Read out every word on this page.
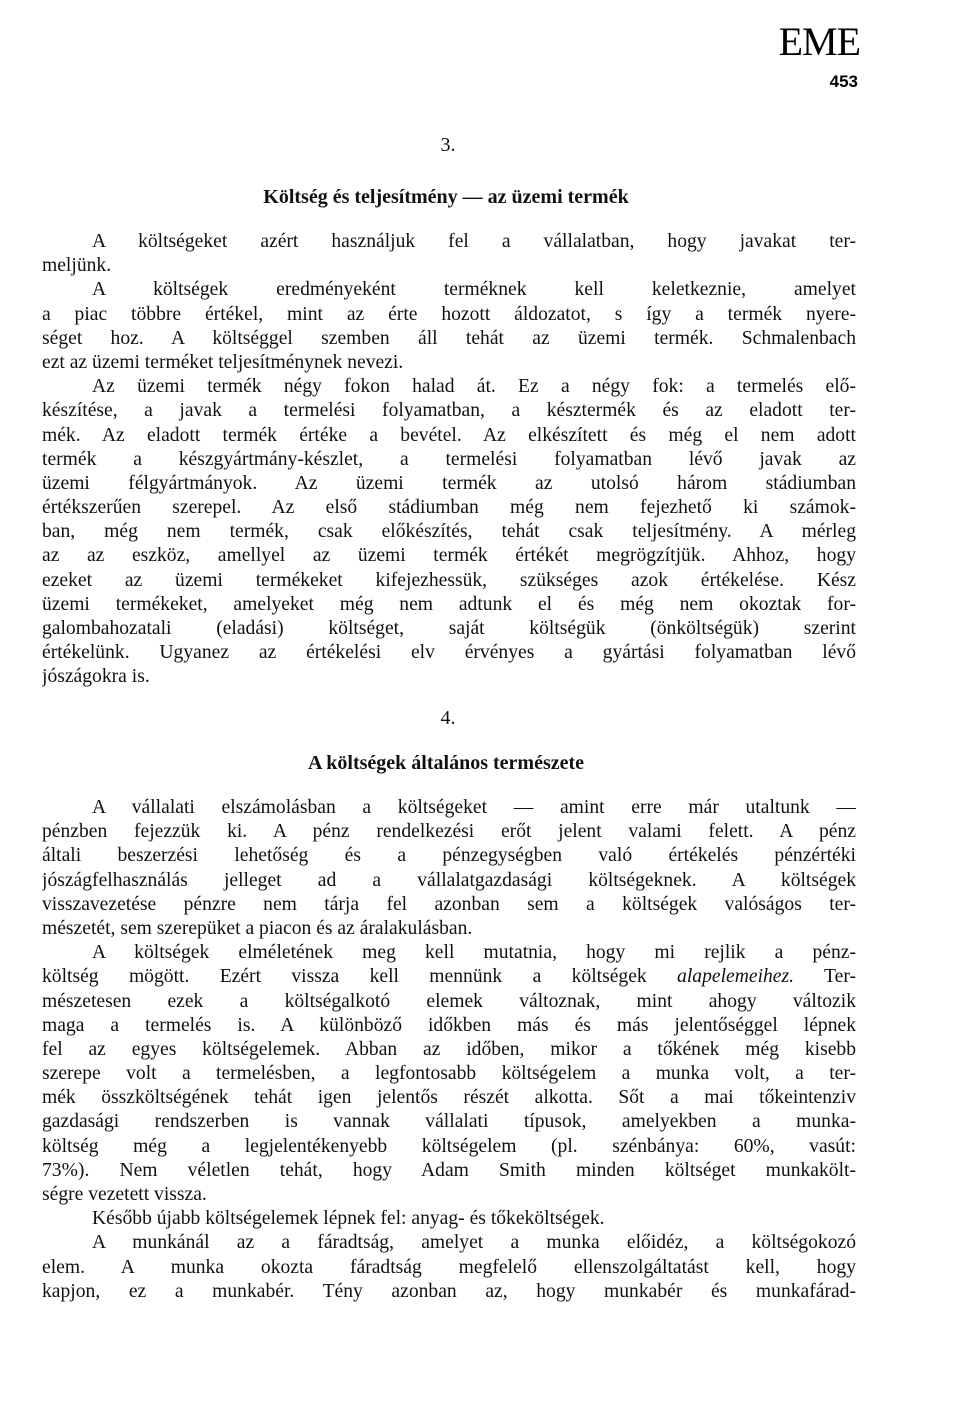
EME
453
3.
Költség és teljesítmény — az üzemi termék
A költségeket azért használjuk fel a vállalatban, hogy javakat ter-
meljünk.
A költségek eredményeként terméknek kell keletkeznie, amelyet
a piac többre értékel, mint az érte hozott áldozatot, s így a termék nyere-
séget hoz. A költséggel szemben áll tehát az üzemi termék. Schmalenbach
ezt az üzemi terméket teljesítménynek nevezi.
Az üzemi termék négy fokon halad át. Ez a négy fok: a termelés elő-
készítése, a javak a termelési folyamatban, a késztermék és az eladott ter-
mék. Az eladott termék értéke a bevétel. Az elkészített és még el nem adott
termék a készgyártmány-készlet, a termelési folyamatban lévő javak az
üzemi félgyártmányok. Az üzemi termék az utolsó három stádiumban
értékszerűen szerepel. Az első stádiumban még nem fejezhető ki számok-
ban, még nem termék, csak előkészítés, tehát csak teljesítmény. A mérleg
az az eszköz, amellyel az üzemi termék értékét megrögzítjük. Ahhoz, hogy
ezeket az üzemi termékeket kifejezhessük, szükséges azok értékelése. Kész
üzemi termékeket, amelyeket még nem adtunk el és még nem okoztak for-
galombahozatali (eladási) költséget, saját költségük (önköltségük) szerint
értékelünk. Ugyanez az értékelési elv érvényes a gyártási folyamatban lévő
jószágokra is.
4.
A költségek általános természete
A vállalati elszámolásban a költségeket — amint erre már utaltunk —
pénzben fejezzük ki. A pénz rendelkezési erőt jelent valami felett. A pénz
általi beszerzési lehetőség és a pénzegységben való értékelés pénzértéki
jószágfelhasználás jelleget ad a vállalatgazdasági költségeknek. A költségek
visszavezetése pénzre nem tárja fel azonban sem a költségek valóságos ter-
mészetét, sem szerepüket a piacon és az áralakulásban.
A költségek elméletének meg kell mutatnia, hogy mi rejlik a pénz-
költség mögött. Ezért vissza kell mennünk a költségek alapelemeihez. Ter-
mészetesen ezek a költségalkotó elemek változnak, mint ahogy változik
maga a termelés is. A különböző időkben más és más jelentőséggel lépnek
fel az egyes költségelemek. Abban az időben, mikor a tőkének még kisebb
szerepe volt a termelésben, a legfontosabb költségelem a munka volt, a ter-
mék összköltségének tehát igen jelentős részét alkotta. Sőt a mai tőkeintenziv
gazdasági rendszerben is vannak vállalati típusok, amelyekben a munka-
költség még a legjelentékenyebb költségelem (pl. szénbánya: 60%, vasút:
73%). Nem véletlen tehát, hogy Adam Smith minden költséget munkakölt-
ségre vezetett vissza.
Később újabb költségelemek lépnek fel: anyag- és tőkeköltségek.
A munkánál az a fáradtság, amelyet a munka előidéz, a költségokozó
elem. A munka okozta fáradtság megfelelő ellenszolgáltatást kell, hogy
kapjon, ez a munkabér. Tény azonban az, hogy munkabér és munkafárad-
